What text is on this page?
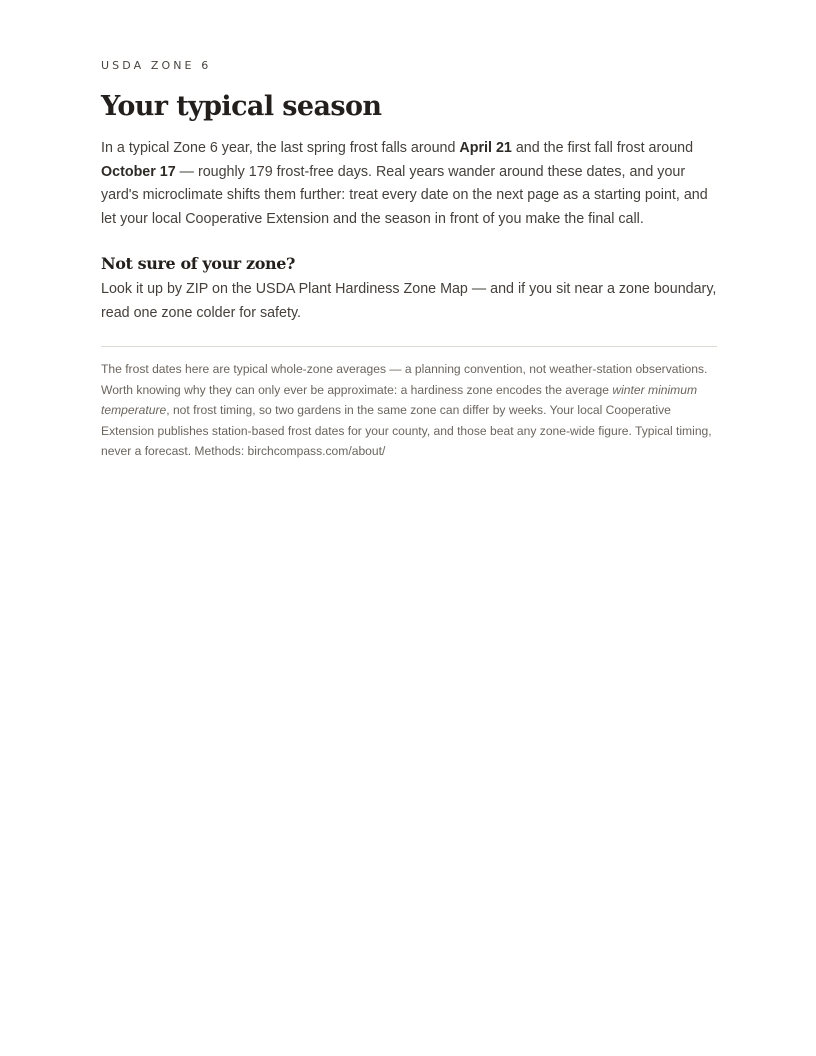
USDA ZONE 6

Your typical season

In a typical Zone 6 year, the last spring frost falls around April 21 and the first fall frost around October 17 — roughly 179 frost-free days. Real years wander around these dates, and your yard's microclimate shifts them further: treat every date on the next page as a starting point, and let your local Cooperative Extension and the season in front of you make the final call.

Not sure of your zone?

Look it up by ZIP on the USDA Plant Hardiness Zone Map — and if you sit near a zone boundary, read one zone colder for safety.

The frost dates here are typical whole-zone averages — a planning convention, not weather-station observations. Worth knowing why they can only ever be approximate: a hardiness zone encodes the average winter minimum temperature, not frost timing, so two gardens in the same zone can differ by weeks. Your local Cooperative Extension publishes station-based frost dates for your county, and those beat any zone-wide figure. Typical timing, never a forecast. Methods: birchcompass.com/about/
